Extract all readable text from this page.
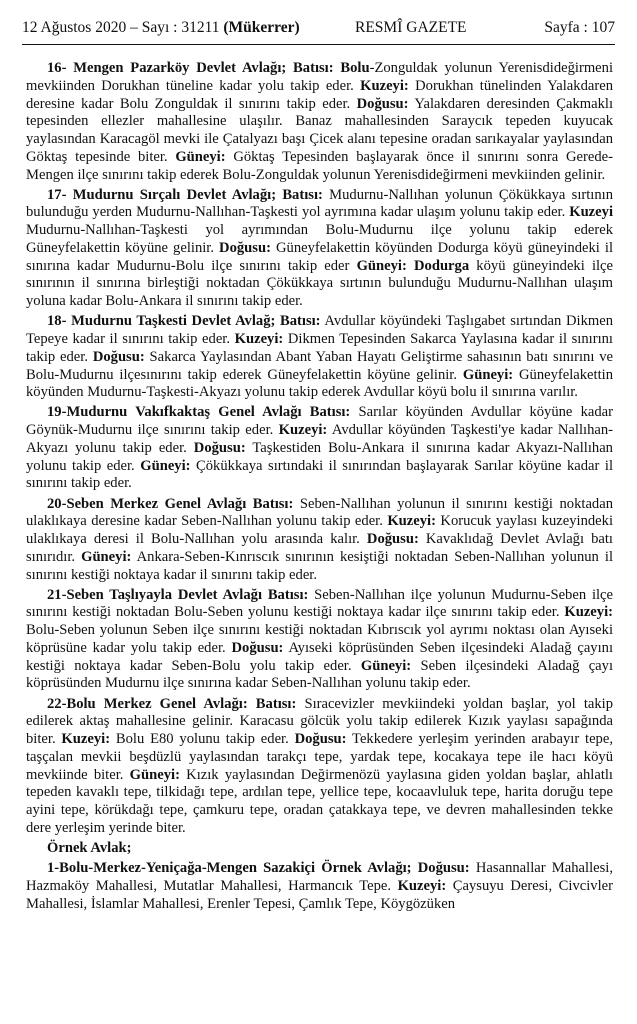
12 Ağustos 2020 – Sayı : 31211 (Mükerrer)	RESMÎ GAZETE	Sayfa : 107

16- Mengen Pazarköy Devlet Avlağı; Batısı: Bolu-Zonguldak yolunun Yerenisdideğirmeni mevkiinden Dorukhan tüneline kadar yolu takip eder. Kuzeyi: Dorukhan tünelinden Yalakdaren deresine kadar Bolu Zonguldak il sınırını takip eder. Doğusu: Yalakdaren deresinden Çakmaklı tepesinden ellezler mahallesine ulaşılır. Banaz mahallesinden Saraycık tepeden kuyucak yaylasından Karacagöl mevki ile Çatalyazı başı Çicek alanı tepesine oradan sarıkayalar yaylasından Göktaş tepesinde biter. Güneyi: Göktaş Tepesinden başlayarak önce il sınırını sonra Gerede-Mengen ilçe sınırını takip ederek Bolu-Zonguldak yolunun Yerenisdideğirmeni mevkiinden gelinir.

17- Mudurnu Sırçalı Devlet Avlağı; Batısı: Mudurnu-Nallıhan yolunun Çökükkaya sırtının bulunduğu yerden Mudurnu-Nallıhan-Taşkesti yol ayrımına kadar ulaşım yolunu takip eder. Kuzeyi Mudurnu-Nallıhan-Taşkesti yol ayrımından Bolu-Mudurnu ilçe yolunu takip ederek Güneyfelakettin köyüne gelinir. Doğusu: Güneyfelakettin köyünden Dodurga köyü güneyindeki il sınırına kadar Mudurnu-Bolu ilçe sınırını takip eder Güneyi: Dodurga köyü güneyindeki ilçe sınırının il sınırına birleştiği noktadan Çökükkaya sırtının bulunduğu Mudurnu-Nallıhan ulaşım yoluna kadar Bolu-Ankara il sınırını takip eder.

18- Mudurnu Taşkesti Devlet Avlağ; Batısı: Avdullar köyündeki Taşlıgabet sırtından Dikmen Tepeye kadar il sınırını takip eder. Kuzeyi: Dikmen Tepesinden Sakarca Yaylasına kadar il sınırını takip eder. Doğusu: Sakarca Yaylasından Abant Yaban Hayatı Geliştirme sahasının batı sınırını ve Bolu-Mudurnu ilçesınırını takip ederek Güneyfelakettin köyüne gelinir. Güneyi: Güneyfelakettin köyünden Mudurnu-Taşkesti-Akyazı yolunu takip ederek Avdullar köyü bolu il sınırına varılır.

19-Mudurnu Vakıfkaktaş Genel Avlağı Batısı: Sarılar köyünden Avdullar köyüne kadar Göynük-Mudurnu ilçe sınırını takip eder. Kuzeyi: Avdullar köyünden Taşkesti'ye kadar Nallıhan-Akyazı yolunu takip eder. Doğusu: Taşkestiden Bolu-Ankara il sınırına kadar Akyazı-Nallıhan yolunu takip eder. Güneyi: Çökükkaya sırtındaki il sınırından başlayarak Sarılar köyüne kadar il sınırını takip eder.

20-Seben Merkez Genel Avlağı Batısı: Seben-Nallıhan yolunun il sınırını kestiği noktadan ulaklıkaya deresine kadar Seben-Nallıhan yolunu takip eder. Kuzeyi: Korucuk yaylası kuzeyindeki ulaklıkaya deresi il Bolu-Nallıhan yolu arasında kalır. Doğusu: Kavaklıdağ Devlet Avlağı batı sınırıdır. Güneyi: Ankara-Seben-Kınrıscık sınırının kesiştiği noktadan Seben-Nallıhan yolunun il sınırını kestiği noktaya kadar il sınırını takip eder.

21-Seben Taşlıyayla Devlet Avlağı Batısı: Seben-Nallıhan ilçe yolunun Mudurnu-Seben ilçe sınırını kestiği noktadan Bolu-Seben yolunu kestiği noktaya kadar ilçe sınırını takip eder. Kuzeyi: Bolu-Seben yolunun Seben ilçe sınırını kestiği noktadan Kıbrıscık yol ayrımı noktası olan Ayıseki köprüsüne kadar yolu takip eder. Doğusu: Ayıseki köprüsünden Seben ilçesindeki Aladağ çayını kestiği noktaya kadar Seben-Bolu yolu takip eder. Güneyi: Seben ilçesindeki Aladağ çayı köprüsünden Mudurnu ilçe sınırına kadar Seben-Nallıhan yolunu takip eder.

22-Bolu Merkez Genel Avlağı: Batısı: Sıracevizler mevkiindeki yoldan başlar, yol takip edilerek aktaş mahallesine gelinir. Karacasu gölcük yolu takip edilerek Kızık yaylası sapağında biter. Kuzeyi: Bolu E80 yolunu takip eder. Doğusu: Tekkedere yerleşim yerinden arabayır tepe, taşçalan mevkii beşdüzlü yaylasından tarakçı tepe, yardak tepe, kocakaya tepe ile hacı köyü mevkiinde biter. Güneyi: Kızık yaylasından Değirmenözü yaylasına giden yoldan başlar, ahlatlı tepeden kavaklı tepe, tilkidağı tepe, ardılan tepe, yellice tepe, kocaavluluk tepe, harita doruğu tepe ayini tepe, körükdağı tepe, çamkuru tepe, oradan çatakkaya tepe, ve devren mahallesinden tekke dere yerleşim yerinde biter.

Örnek Avlak;

1-Bolu-Merkez-Yeniçağa-Mengen Sazakiçi Örnek Avlağı; Doğusu: Hasannallar Mahallesi, Hazmaköy Mahallesi, Mutatlar Mahallesi, Harmancık Tepe. Kuzeyi: Çaysuyu Deresi, Civcivler Mahallesi, İslamlar Mahallesi, Erenler Tepesi, Çamlık Tepe, Köygözüken
